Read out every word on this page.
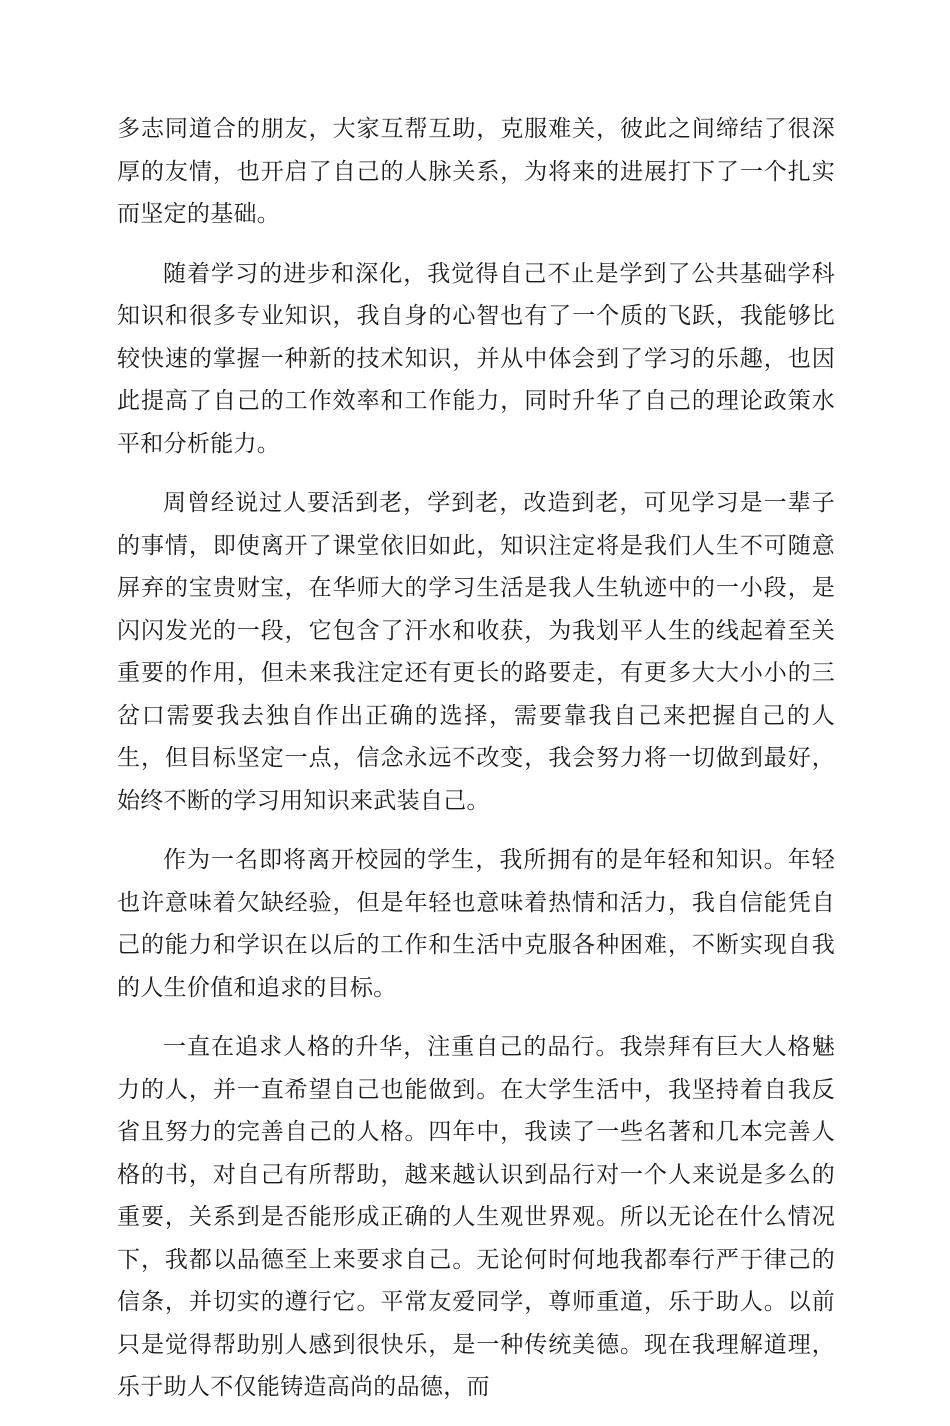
多志同道合的朋友，大家互帮互助，克服难关，彼此之间缔结了很深厚的友情，也开启了自己的人脉关系，为将来的进展打下了一个扎实而坚定的基础。

随着学习的进步和深化，我觉得自己不止是学到了公共基础学科知识和很多专业知识，我自身的心智也有了一个质的飞跃，我能够比较快速的掌握一种新的技术知识，并从中体会到了学习的乐趣，也因此提高了自己的工作效率和工作能力，同时升华了自己的理论政策水平和分析能力。

周曾经说过人要活到老，学到老，改造到老，可见学习是一辈子的事情，即使离开了课堂依旧如此，知识注定将是我们人生不可随意屏弃的宝贵财宝，在华师大的学习生活是我人生轨迹中的一小段，是闪闪发光的一段，它包含了汗水和收获，为我划平人生的线起着至关重要的作用，但未来我注定还有更长的路要走，有更多大大小小的三岔口需要我去独自作出正确的选择，需要靠我自己来把握自己的人生，但目标坚定一点，信念永远不改变，我会努力将一切做到最好，始终不断的学习用知识来武装自己。

作为一名即将离开校园的学生，我所拥有的是年轻和知识。年轻也许意味着欠缺经验，但是年轻也意味着热情和活力，我自信能凭自己的能力和学识在以后的工作和生活中克服各种困难，不断实现自我的人生价值和追求的目标。

一直在追求人格的升华，注重自己的品行。我崇拜有巨大人格魅力的人，并一直希望自己也能做到。在大学生活中，我坚持着自我反省且努力的完善自己的人格。四年中，我读了一些名著和几本完善人格的书，对自己有所帮助，越来越认识到品行对一个人来说是多么的重要，关系到是否能形成正确的人生观世界观。所以无论在什么情况下，我都以品德至上来要求自己。无论何时何地我都奉行严于律己的信条，并切实的遵行它。平常友爱同学，尊师重道，乐于助人。以前只是觉得帮助别人感到很快乐，是一种传统美德。现在我理解道理，乐于助人不仅能铸造高尚的品德，而
